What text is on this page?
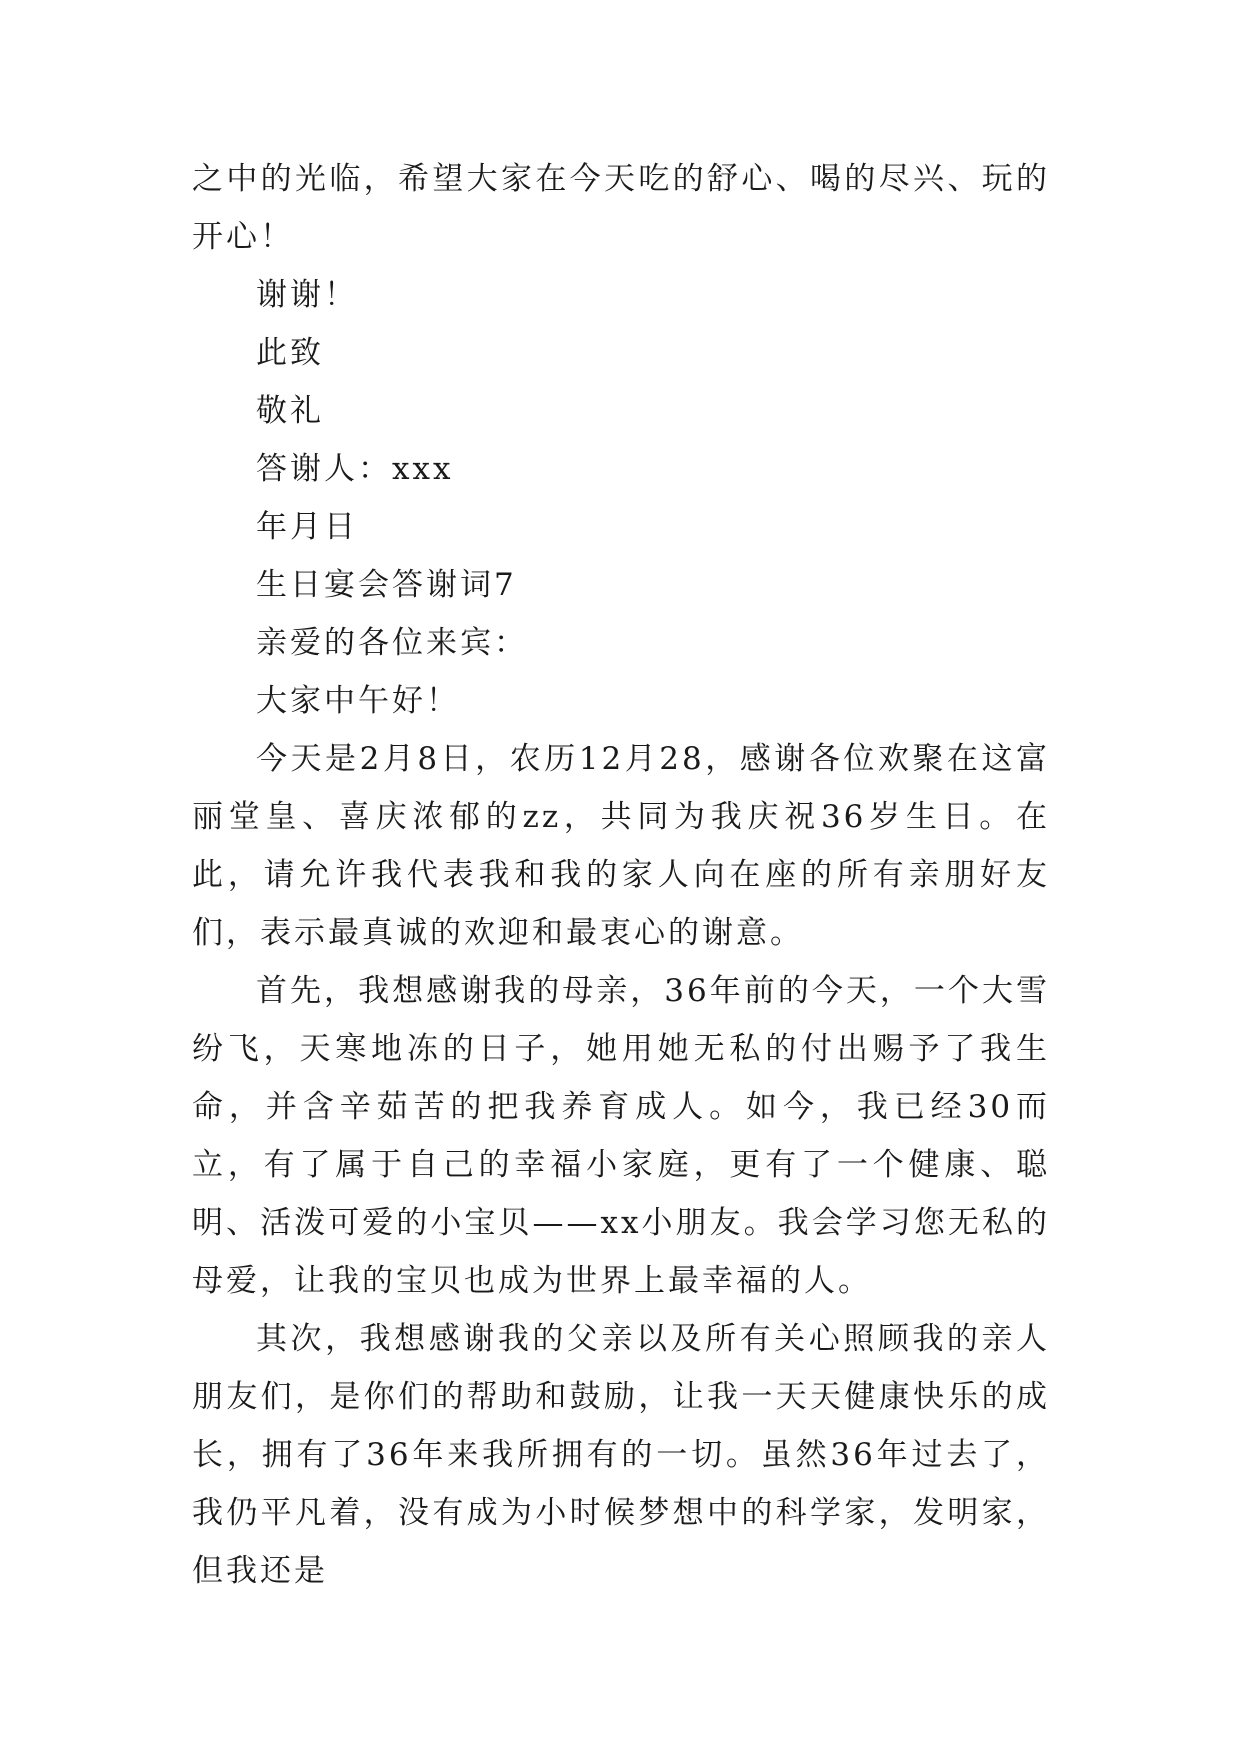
之中的光临，希望大家在今天吃的舒心、喝的尽兴、玩的开心！

谢谢！

此致

敬礼

答谢人：xxx

年月日

生日宴会答谢词7

亲爱的各位来宾：

大家中午好！

今天是2月8日，农历12月28，感谢各位欢聚在这富丽堂皇、喜庆浓郁的zz，共同为我庆祝36岁生日。在此，请允许我代表我和我的家人向在座的所有亲朋好友们，表示最真诚的欢迎和最衷心的谢意。

首先，我想感谢我的母亲，36年前的今天，一个大雪纷飞，天寒地冻的日子，她用她无私的付出赐予了我生命，并含辛茹苦的把我养育成人。如今，我已经30而立，有了属于自己的幸福小家庭，更有了一个健康、聪明、活泼可爱的小宝贝——xx小朋友。我会学习您无私的母爱，让我的宝贝也成为世界上最幸福的人。

其次，我想感谢我的父亲以及所有关心照顾我的亲人朋友们，是你们的帮助和鼓励，让我一天天健康快乐的成长，拥有了36年来我所拥有的一切。虽然36年过去了，我仍平凡着，没有成为小时候梦想中的科学家，发明家，但我还是
